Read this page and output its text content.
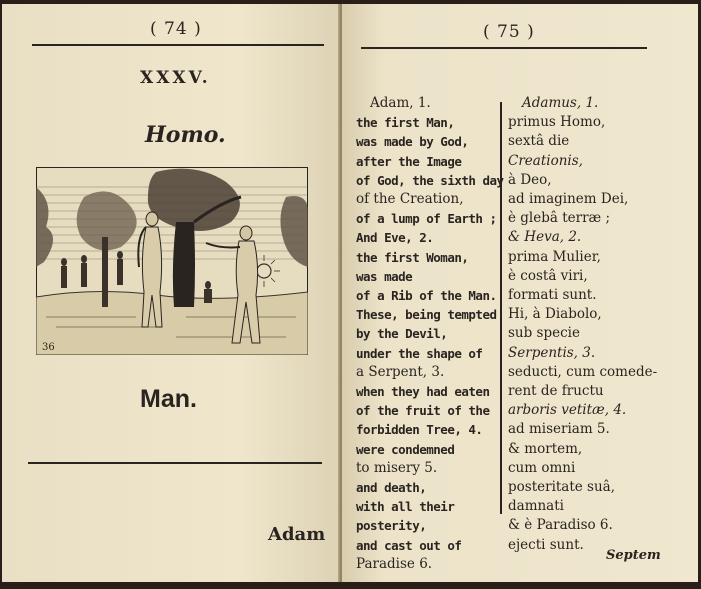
( 74 )
XXXV.
Homo.
36
Man.
Adam
( 75 )
Adam, 1.
the first Man,
was made by God,
after the Image
of God, the sixth day
of the Creation,
of a lump of Earth ;
And Eve, 2.
the first Woman,
was made
of a Rib of the Man.
These, being tempted
by the Devil,
under the shape of
a Serpent, 3.
when they had eaten
of the fruit of the
forbidden Tree, 4.
were condemned
to misery 5.
and death,
with all their
posterity,
and cast out of
Paradise 6.
Adamus, 1.
primus Homo,
sextâ die
Creationis,
à Deo,
ad imaginem Dei,
è glebâ terræ ;
& Heva, 2.
prima Mulier,
è costâ viri,
formati sunt.
Hi, à Diabolo,
sub specie
Serpentis, 3.
seducti, cum comede-
rent de fructu
arboris vetitæ, 4.
ad miseriam 5.
& mortem,
cum omni
posteritate suâ,
damnati
& è Paradiso 6.
ejecti sunt.
Septem
